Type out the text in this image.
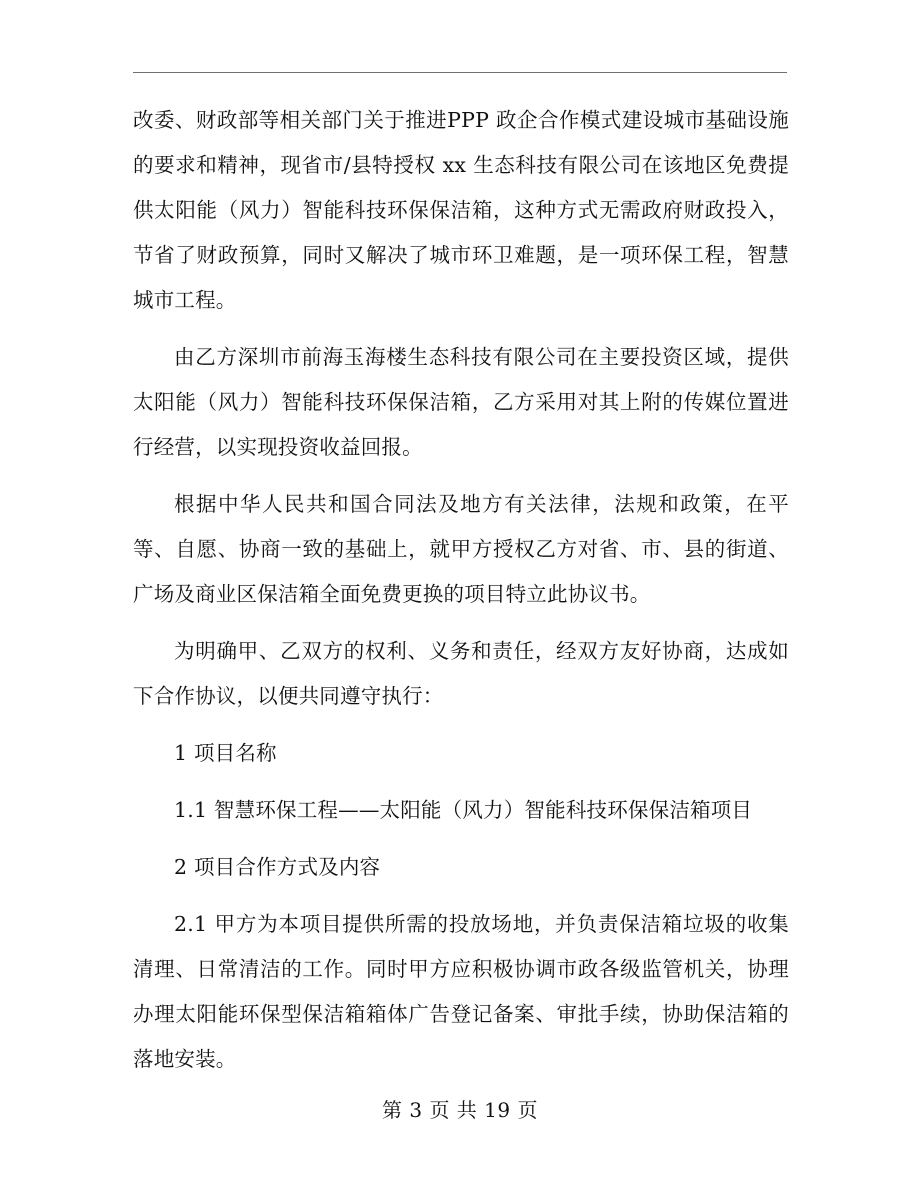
改委、财政部等相关部门关于推进PPP 政企合作模式建设城市基础设施的要求和精神，现省市/县特授权 xx 生态科技有限公司在该地区免费提供太阳能（风力）智能科技环保保洁箱，这种方式无需政府财政投入，节省了财政预算，同时又解决了城市环卫难题，是一项环保工程，智慧城市工程。

由乙方深圳市前海玉海楼生态科技有限公司在主要投资区域，提供太阳能（风力）智能科技环保保洁箱，乙方采用对其上附的传媒位置进行经营，以实现投资收益回报。

根据中华人民共和国合同法及地方有关法律，法规和政策，在平等、自愿、协商一致的基础上，就甲方授权乙方对省、市、县的街道、广场及商业区保洁箱全面免费更换的项目特立此协议书。

为明确甲、乙双方的权利、义务和责任，经双方友好协商，达成如下合作协议，以便共同遵守执行：

1 项目名称

1.1 智慧环保工程——太阳能（风力）智能科技环保保洁箱项目

2 项目合作方式及内容

2.1 甲方为本项目提供所需的投放场地，并负责保洁箱垃圾的收集清理、日常清洁的工作。同时甲方应积极协调市政各级监管机关，协理办理太阳能环保型保洁箱箱体广告登记备案、审批手续，协助保洁箱的落地安装。

第 3 页 共 19 页
